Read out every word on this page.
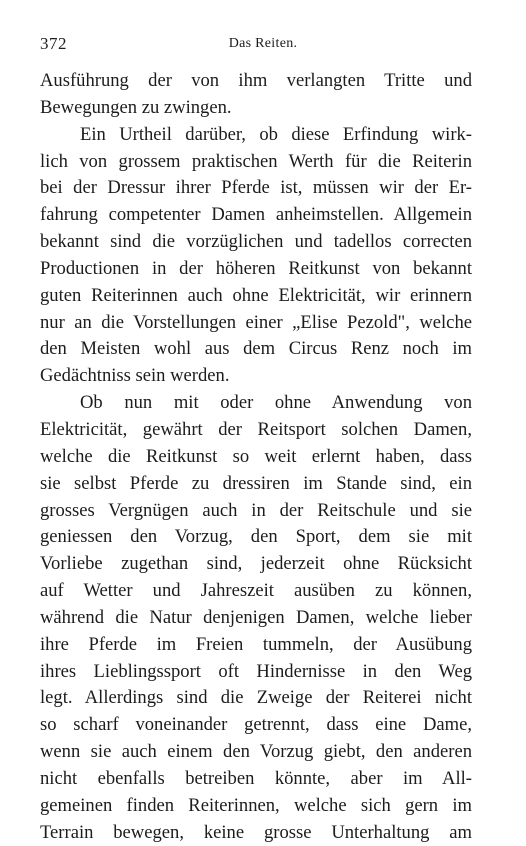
372	Das Reiten.
Ausführung der von ihm verlangten Tritte und
Bewegungen zu zwingen.
Ein Urtheil darüber, ob diese Erfindung wirk-
lich von grossem praktischen Werth für die Reiterin
bei der Dressur ihrer Pferde ist, müssen wir der Er-
fahrung competenter Damen anheimstellen. Allgemein
bekannt sind die vorzüglichen und tadellos correcten
Productionen in der höheren Reitkunst von bekannt
guten Reiterinnen auch ohne Elektricität, wir erinnern
nur an die Vorstellungen einer „Elise Pezold", welche
den Meisten wohl aus dem Circus Renz noch im
Gedächtniss sein werden.
Ob nun mit oder ohne Anwendung von
Elektricität, gewährt der Reitsport solchen Damen,
welche die Reitkunst so weit erlernt haben, dass
sie selbst Pferde zu dressiren im Stande sind, ein
grosses Vergnügen auch in der Reitschule und sie
geniessen den Vorzug, den Sport, dem sie mit
Vorliebe zugethan sind, jederzeit ohne Rücksicht
auf Wetter und Jahreszeit ausüben zu können,
während die Natur denjenigen Damen, welche lieber
ihre Pferde im Freien tummeln, der Ausübung
ihres Lieblingssport oft Hindernisse in den Weg
legt. Allerdings sind die Zweige der Reiterei nicht
so scharf voneinander getrennt, dass eine Dame,
wenn sie auch einem den Vorzug giebt, den anderen
nicht ebenfalls betreiben könnte, aber im All-
gemeinen finden Reiterinnen, welche sich gern im
Terrain bewegen, keine grosse Unterhaltung am
